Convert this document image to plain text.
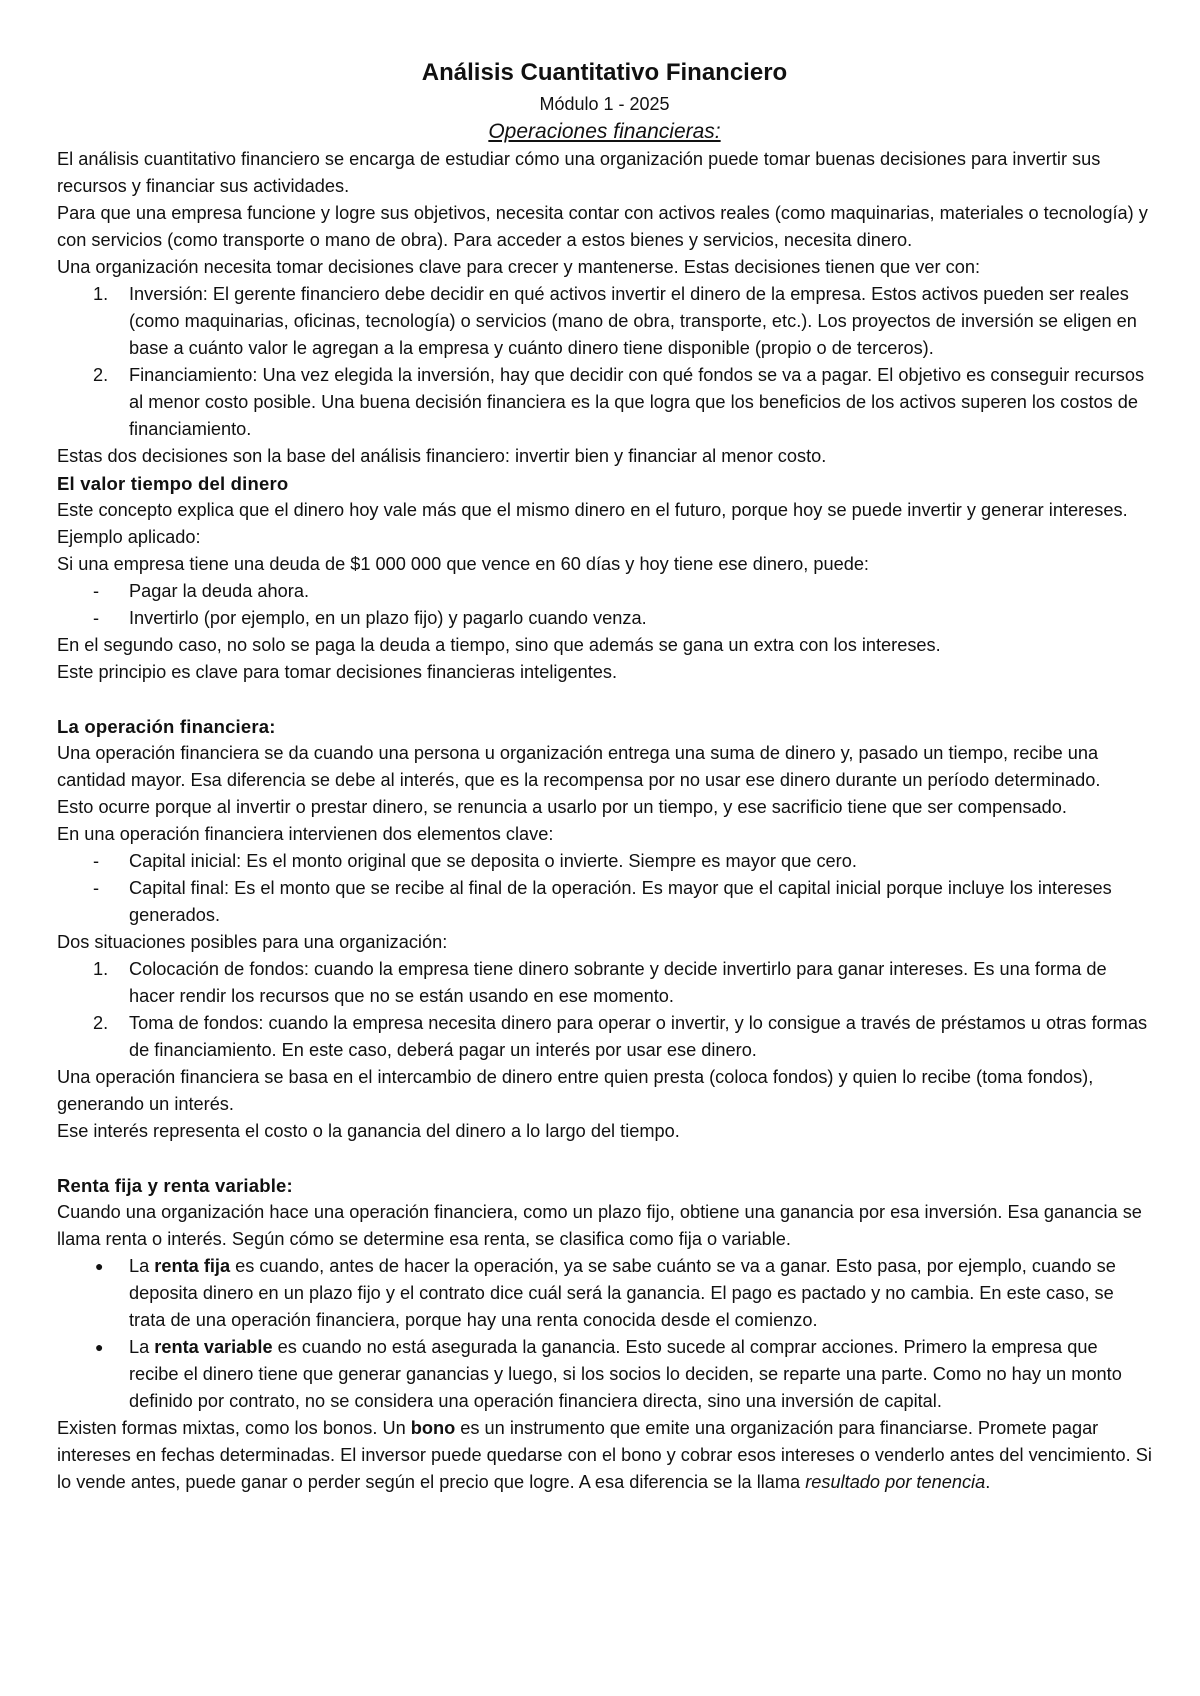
Análisis Cuantitativo Financiero

Módulo 1 - 2025

Operaciones financieras:

El análisis cuantitativo financiero se encarga de estudiar cómo una organización puede tomar buenas decisiones para invertir sus recursos y financiar sus actividades.

Para que una empresa funcione y logre sus objetivos, necesita contar con activos reales (como maquinarias, materiales o tecnología) y con servicios (como transporte o mano de obra). Para acceder a estos bienes y servicios, necesita dinero.

Una organización necesita tomar decisiones clave para crecer y mantenerse. Estas decisiones tienen que ver con:

1. Inversión: El gerente financiero debe decidir en qué activos invertir el dinero de la empresa. Estos activos pueden ser reales (como maquinarias, oficinas, tecnología) o servicios (mano de obra, transporte, etc.). Los proyectos de inversión se eligen en base a cuánto valor le agregan a la empresa y cuánto dinero tiene disponible (propio o de terceros).
2. Financiamiento: Una vez elegida la inversión, hay que decidir con qué fondos se va a pagar. El objetivo es conseguir recursos al menor costo posible. Una buena decisión financiera es la que logra que los beneficios de los activos superen los costos de financiamiento.

Estas dos decisiones son la base del análisis financiero: invertir bien y financiar al menor costo.

El valor tiempo del dinero

Este concepto explica que el dinero hoy vale más que el mismo dinero en el futuro, porque hoy se puede invertir y generar intereses.

Ejemplo aplicado:

Si una empresa tiene una deuda de $1 000 000 que vence en 60 días y hoy tiene ese dinero, puede:

- Pagar la deuda ahora.
- Invertirlo (por ejemplo, en un plazo fijo) y pagarlo cuando venza.

En el segundo caso, no solo se paga la deuda a tiempo, sino que además se gana un extra con los intereses.

Este principio es clave para tomar decisiones financieras inteligentes.

La operación financiera:

Una operación financiera se da cuando una persona u organización entrega una suma de dinero y, pasado un tiempo, recibe una cantidad mayor. Esa diferencia se debe al interés, que es la recompensa por no usar ese dinero durante un período determinado.

Esto ocurre porque al invertir o prestar dinero, se renuncia a usarlo por un tiempo, y ese sacrificio tiene que ser compensado.

En una operación financiera intervienen dos elementos clave:

- Capital inicial: Es el monto original que se deposita o invierte. Siempre es mayor que cero.
- Capital final: Es el monto que se recibe al final de la operación. Es mayor que el capital inicial porque incluye los intereses generados.

Dos situaciones posibles para una organización:

1. Colocación de fondos: cuando la empresa tiene dinero sobrante y decide invertirlo para ganar intereses. Es una forma de hacer rendir los recursos que no se están usando en ese momento.
2. Toma de fondos: cuando la empresa necesita dinero para operar o invertir, y lo consigue a través de préstamos u otras formas de financiamiento. En este caso, deberá pagar un interés por usar ese dinero.

Una operación financiera se basa en el intercambio de dinero entre quien presta (coloca fondos) y quien lo recibe (toma fondos), generando un interés.

Ese interés representa el costo o la ganancia del dinero a lo largo del tiempo.

Renta fija y renta variable:

Cuando una organización hace una operación financiera, como un plazo fijo, obtiene una ganancia por esa inversión. Esa ganancia se llama renta o interés. Según cómo se determine esa renta, se clasifica como fija o variable.

● La renta fija es cuando, antes de hacer la operación, ya se sabe cuánto se va a ganar. Esto pasa, por ejemplo, cuando se deposita dinero en un plazo fijo y el contrato dice cuál será la ganancia. El pago es pactado y no cambia. En este caso, se trata de una operación financiera, porque hay una renta conocida desde el comienzo.
● La renta variable es cuando no está asegurada la ganancia. Esto sucede al comprar acciones. Primero la empresa que recibe el dinero tiene que generar ganancias y luego, si los socios lo deciden, se reparte una parte. Como no hay un monto definido por contrato, no se considera una operación financiera directa, sino una inversión de capital.

Existen formas mixtas, como los bonos. Un bono es un instrumento que emite una organización para financiarse. Promete pagar intereses en fechas determinadas. El inversor puede quedarse con el bono y cobrar esos intereses o venderlo antes del vencimiento. Si lo vende antes, puede ganar o perder según el precio que logre. A esa diferencia se la llama resultado por tenencia.
